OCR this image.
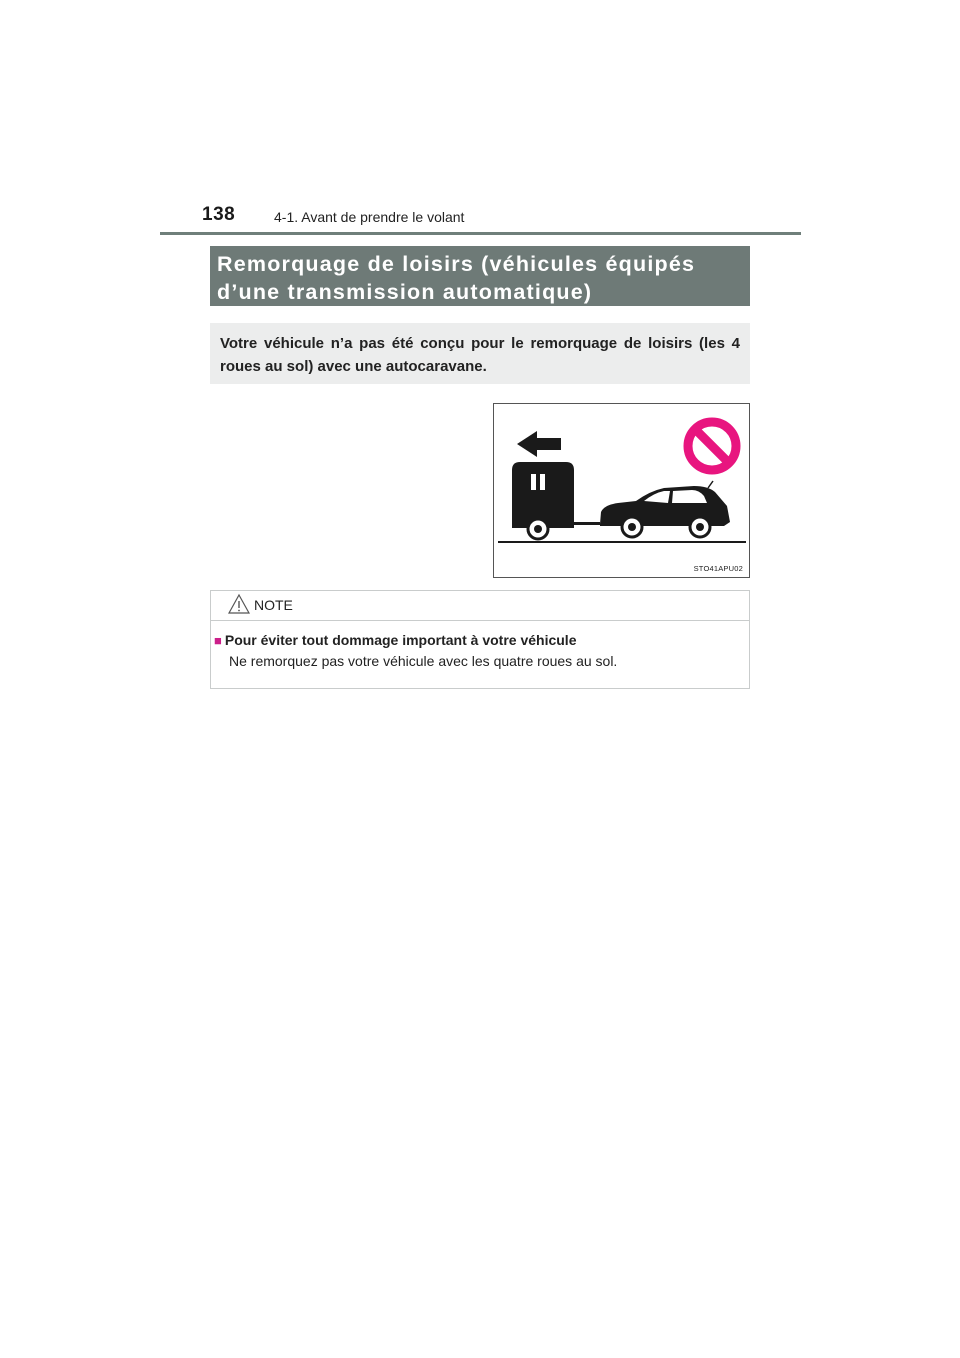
138	4-1. Avant de prendre le volant
Remorquage de loisirs (véhicules équipés
d’une transmission automatique)

Votre véhicule n’a pas été conçu pour le remorquage de loisirs (les 4 roues au sol) avec une autocaravane.

STO41APU02
NOTE
■ Pour éviter tout dommage important à votre véhicule
Ne remorquez pas votre véhicule avec les quatre roues au sol.
